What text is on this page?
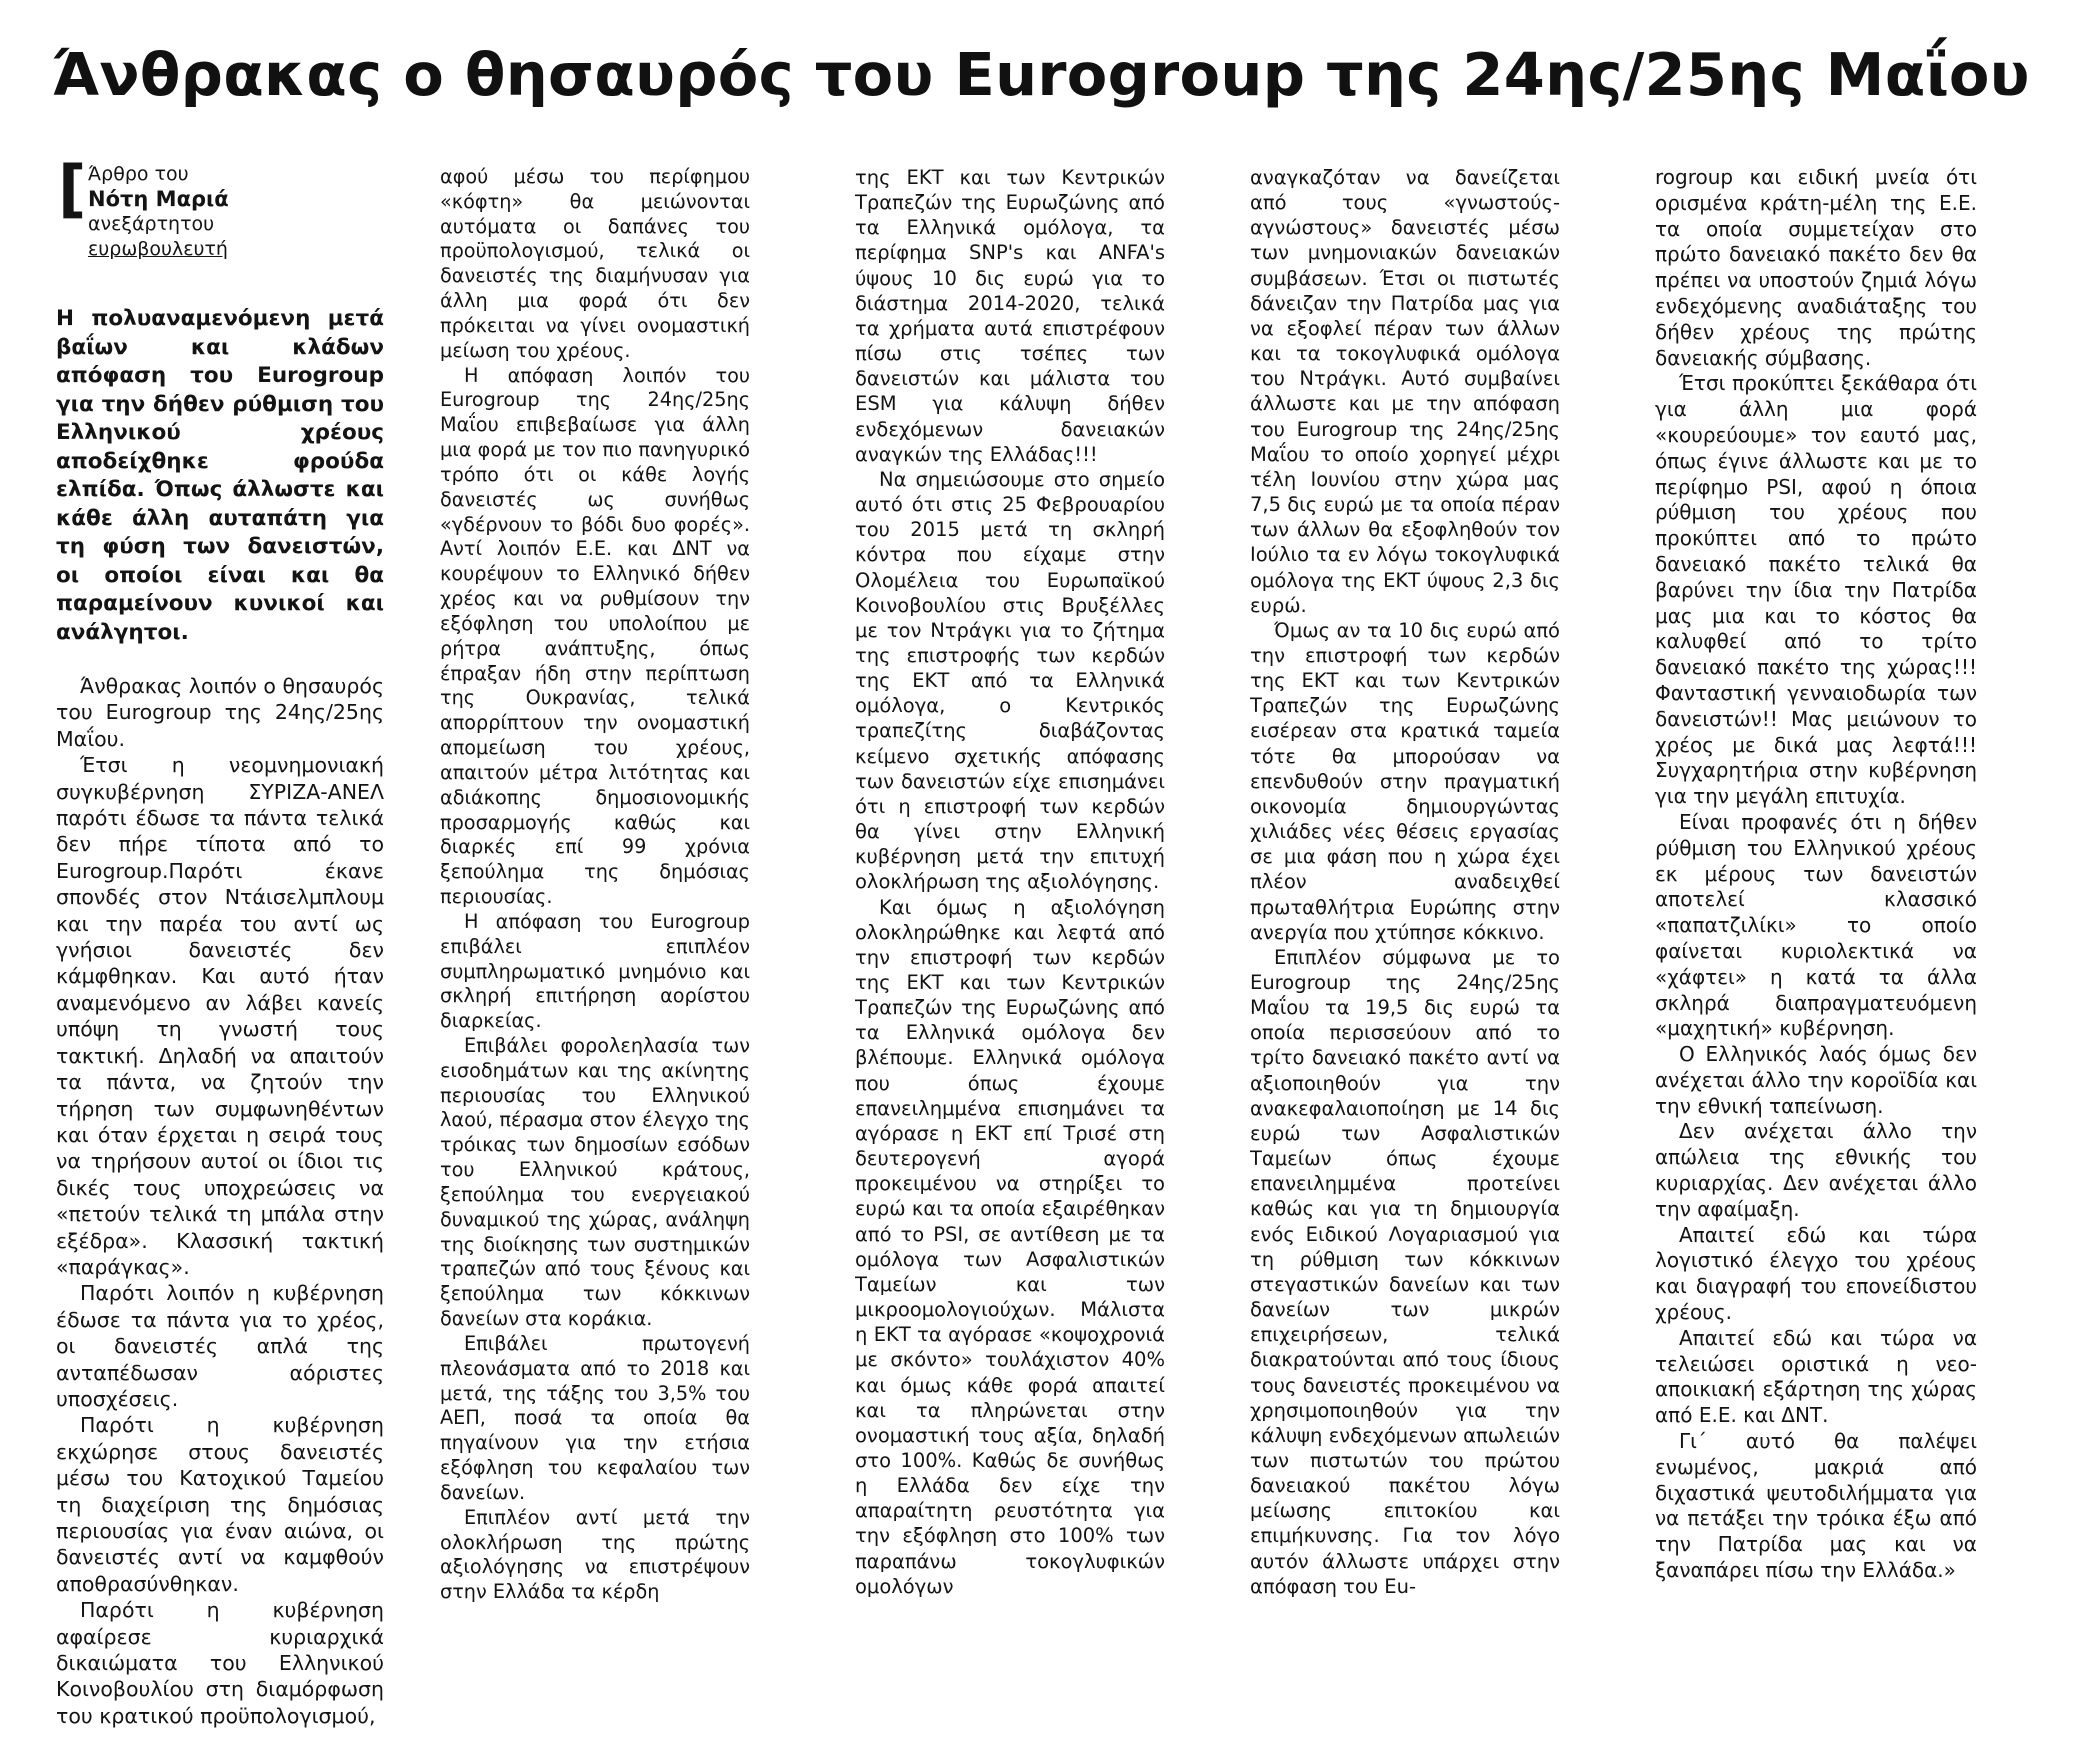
Άνθρακας ο θησαυρός του Eurogroup της 24ης/25ης Μαΐου
[ Άρθρο του
Νότη Μαριά
ανεξάρτητου ευρωβουλευτή

Η πολυαναμενόμενη μετά βαΐων και κλάδων απόφαση του Eurogroup για την δήθεν ρύθμιση του Ελληνικού χρέους αποδείχθηκε φρούδα ελπίδα. Όπως άλλωστε και κάθε άλλη αυταπάτη για τη φύση των δανειστών, οι οποίοι είναι και θα παραμείνουν κυνικοί και ανάλγητοι.

Άνθρακας λοιπόν ο θησαυρός του Eurogroup της 24ης/25ης Μαΐου.

Έτσι η νεομνημονιακή συγκυβέρνηση ΣΥΡΙΖΑ-ΑΝΕΛ παρότι έδωσε τα πάντα τελικά δεν πήρε τίποτα από το Eurogroup.Παρότι έκανε σπονδές στον Ντάισελμπλουμ και την παρέα του αντί ως γνήσιοι δανειστές δεν κάμφθηκαν. Και αυτό ήταν αναμενόμενο αν λάβει κανείς υπόψη τη γνωστή τους τακτική. Δηλαδή να απαιτούν τα πάντα, να ζητούν την τήρηση των συμφωνηθέντων και όταν έρχεται η σειρά τους να τηρήσουν αυτοί οι ίδιοι τις δικές τους υποχρεώσεις να «πετούν τελικά τη μπάλα στην εξέδρα». Κλασσική τακτική «παράγκας».

Παρότι λοιπόν η κυβέρνηση έδωσε τα πάντα για το χρέος, οι δανειστές απλά της ανταπέδωσαν αόριστες υποσχέσεις.

Παρότι η κυβέρνηση εκχώρησε στους δανειστές μέσω του Κατοχικού Ταμείου τη διαχείριση της δημόσιας περιουσίας για έναν αιώνα, οι δανειστές αντί να καμφθούν αποθρασύνθηκαν.

Παρότι η κυβέρνηση αφαίρεσε κυριαρχικά δικαιώματα του Ελληνικού Κοινοβουλίου στη διαμόρφωση του κρατικού προϋπολογισμού,

αφού μέσω του περίφημου «κόφτη» θα μειώνονται αυτόματα οι δαπάνες του προϋπολογισμού, τελικά οι δανειστές της διαμήνυσαν για άλλη μια φορά ότι δεν πρόκειται να γίνει ονομαστική μείωση του χρέους.

Η απόφαση λοιπόν του Eurogroup της 24ης/25ης Μαΐου επιβεβαίωσε για άλλη μια φορά με τον πιο πανηγυρικό τρόπο ότι οι κάθε λογής δανειστές ως συνήθως «γδέρνουν το βόδι δυο φορές». Αντί λοιπόν Ε.Ε. και ΔΝΤ να κουρέψουν το Ελληνικό δήθεν χρέος και να ρυθμίσουν την εξόφληση του υπολοίπου με ρήτρα ανάπτυξης, όπως έπραξαν ήδη στην περίπτωση της Ουκρανίας, τελικά απορρίπτουν την ονομαστική απομείωση του χρέους, απαιτούν μέτρα λιτότητας και αδιάκοπης δημοσιονομικής προσαρμογής καθώς και διαρκές επί 99 χρόνια ξεπούλημα της δημόσιας περιουσίας.

Η απόφαση του Eurogroup επιβάλει επιπλέον συμπληρωματικό μνημόνιο και σκληρή επιτήρηση αορίστου διαρκείας.

Επιβάλει φορολεηλασία των εισοδημάτων και της ακίνητης περιουσίας του Ελληνικού λαού, πέρασμα στον έλεγχο της τρόικας των δημοσίων εσόδων του Ελληνικού κράτους, ξεπούλημα του ενεργειακού δυναμικού της χώρας, ανάληψη της διοίκησης των συστημικών τραπεζών από τους ξένους και ξεπούλημα των κόκκινων δανείων στα κοράκια.

Επιβάλει πρωτογενή πλεονάσματα από το 2018 και μετά, της τάξης του 3,5% του ΑΕΠ, ποσά τα οποία θα πηγαίνουν για την ετήσια εξόφληση του κεφαλαίου των δανείων.

Επιπλέον αντί μετά την ολοκλήρωση της πρώτης αξιολόγησης να επιστρέψουν στην Ελλάδα τα κέρδη

της ΕΚΤ και των Κεντρικών Τραπεζών της Ευρωζώνης από τα Ελληνικά ομόλογα, τα περίφημα SNP's και ANFA's ύψους 10 δις ευρώ για το διάστημα 2014-2020, τελικά τα χρήματα αυτά επιστρέφουν πίσω στις τσέπες των δανειστών και μάλιστα του ESM για κάλυψη δήθεν ενδεχόμενων δανειακών αναγκών της Ελλάδας!!!

Να σημειώσουμε στο σημείο αυτό ότι στις 25 Φεβρουαρίου του 2015 μετά τη σκληρή κόντρα που είχαμε στην Ολομέλεια του Ευρωπαϊκού Κοινοβουλίου στις Βρυξέλλες με τον Ντράγκι για το ζήτημα της επιστροφής των κερδών της ΕΚΤ από τα Ελληνικά ομόλογα, ο Κεντρικός τραπεζίτης διαβάζοντας κείμενο σχετικής απόφασης των δανειστών είχε επισημάνει ότι η επιστροφή των κερδών θα γίνει στην Ελληνική κυβέρνηση μετά την επιτυχή ολοκλήρωση της αξιολόγησης.

Και όμως η αξιολόγηση ολοκληρώθηκε και λεφτά από την επιστροφή των κερδών της ΕΚΤ και των Κεντρικών Τραπεζών της Ευρωζώνης από τα Ελληνικά ομόλογα δεν βλέπουμε. Ελληνικά ομόλογα που όπως έχουμε επανειλημμένα επισημάνει τα αγόρασε η ΕΚΤ επί Τρισέ στη δευτερογενή αγορά προκειμένου να στηρίξει το ευρώ και τα οποία εξαιρέθηκαν από το PSI, σε αντίθεση με τα ομόλογα των Ασφαλιστικών Ταμείων και των μικροομολογιούχων. Μάλιστα η ΕΚΤ τα αγόρασε «κοψοχρονιά με σκόντο» τουλάχιστον 40% και όμως κάθε φορά απαιτεί και τα πληρώνεται στην ονομαστική τους αξία, δηλαδή στο 100%. Καθώς δε συνήθως η Ελλάδα δεν είχε την απαραίτητη ρευστότητα για την εξόφληση στο 100% των παραπάνω τοκογλυφικών ομολόγων

αναγκαζόταν να δανείζεται από τους «γνωστούς-αγνώστους» δανειστές μέσω των μνημονιακών δανειακών συμβάσεων. Έτσι οι πιστωτές δάνειζαν την Πατρίδα μας για να εξοφλεί πέραν των άλλων και τα τοκογλυφικά ομόλογα του Ντράγκι. Αυτό συμβαίνει άλλωστε και με την απόφαση του Eurogroup της 24ης/25ης Μαΐου το οποίο χορηγεί μέχρι τέλη Ιουνίου στην χώρα μας 7,5 δις ευρώ με τα οποία πέραν των άλλων θα εξοφληθούν τον Ιούλιο τα εν λόγω τοκογλυφικά ομόλογα της ΕΚΤ ύψους 2,3 δις ευρώ.

Όμως αν τα 10 δις ευρώ από την επιστροφή των κερδών της ΕΚΤ και των Κεντρικών Τραπεζών της Ευρωζώνης εισέρεαν στα κρατικά ταμεία τότε θα μπορούσαν να επενδυθούν στην πραγματική οικονομία δημιουργώντας χιλιάδες νέες θέσεις εργασίας σε μια φάση που η χώρα έχει πλέον αναδειχθεί πρωταθλήτρια Ευρώπης στην ανεργία που χτύπησε κόκκινο.

Επιπλέον σύμφωνα με το Eurogroup της 24ης/25ης Μαΐου τα 19,5 δις ευρώ τα οποία περισσεύουν από το τρίτο δανειακό πακέτο αντί να αξιοποιηθούν για την ανακεφαλαιοποίηση με 14 δις ευρώ των Ασφαλιστικών Ταμείων όπως έχουμε επανειλημμένα προτείνει καθώς και για τη δημιουργία ενός Ειδικού Λογαριασμού για τη ρύθμιση των κόκκινων στεγαστικών δανείων και των δανείων των μικρών επιχειρήσεων, τελικά διακρατούνται από τους ίδιους τους δανειστές προκειμένου να χρησιμοποιηθούν για την κάλυψη ενδεχόμενων απωλειών των πιστωτών του πρώτου δανειακού πακέτου λόγω μείωσης επιτοκίου και επιμήκυνσης. Για τον λόγο αυτόν άλλωστε υπάρχει στην απόφαση του Eu-

rogroup και ειδική μνεία ότι ορισμένα κράτη-μέλη της Ε.Ε. τα οποία συμμετείχαν στο πρώτο δανειακό πακέτο δεν θα πρέπει να υποστούν ζημιά λόγω ενδεχόμενης αναδιάταξης του δήθεν χρέους της πρώτης δανειακής σύμβασης.

Έτσι προκύπτει ξεκάθαρα ότι για άλλη μια φορά «κουρεύουμε» τον εαυτό μας, όπως έγινε άλλωστε και με το περίφημο PSI, αφού η όποια ρύθμιση του χρέους που προκύπτει από το πρώτο δανειακό πακέτο τελικά θα βαρύνει την ίδια την Πατρίδα μας μια και το κόστος θα καλυφθεί από το τρίτο δανειακό πακέτο της χώρας!!! Φανταστική γενναιοδωρία των δανειστών!! Μας μειώνουν το χρέος με δικά μας λεφτά!!! Συγχαρητήρια στην κυβέρνηση για την μεγάλη επιτυχία.

Είναι προφανές ότι η δήθεν ρύθμιση του Ελληνικού χρέους εκ μέρους των δανειστών αποτελεί κλασσικό «παπατζιλίκι» το οποίο φαίνεται κυριολεκτικά να «χάφτει» η κατά τα άλλα σκληρά διαπραγματευόμενη «μαχητική» κυβέρνηση.

Ο Ελληνικός λαός όμως δεν ανέχεται άλλο την κοροϊδία και την εθνική ταπείνωση.

Δεν ανέχεται άλλο την απώλεια της εθνικής του κυριαρχίας. Δεν ανέχεται άλλο την αφαίμαξη.

Απαιτεί εδώ και τώρα λογιστικό έλεγχο του χρέους και διαγραφή του επονείδιστου χρέους.

Απαιτεί εδώ και τώρα να τελειώσει οριστικά η νεο-αποικιακή εξάρτηση της χώρας από Ε.Ε. και ΔΝΤ.

Γι΄ αυτό θα παλέψει ενωμένος, μακριά από διχαστικά ψευτοδιλήμματα για να πετάξει την τρόικα έξω από την Πατρίδα μας και να ξαναπάρει πίσω την Ελλάδα.»
